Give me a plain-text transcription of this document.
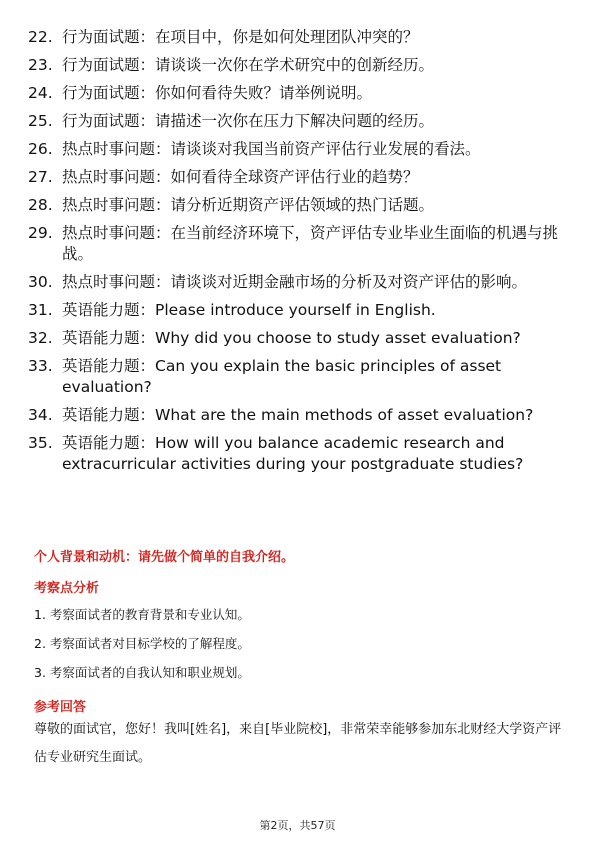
22. 行为面试题：在项目中，你是如何处理团队冲突的？
23. 行为面试题：请谈谈一次你在学术研究中的创新经历。
24. 行为面试题：你如何看待失败？请举例说明。
25. 行为面试题：请描述一次你在压力下解决问题的经历。
26. 热点时事问题：请谈谈对我国当前资产评估行业发展的看法。
27. 热点时事问题：如何看待全球资产评估行业的趋势？
28. 热点时事问题：请分析近期资产评估领域的热门话题。
29. 热点时事问题：在当前经济环境下，资产评估专业毕业生面临的机遇与挑战。
30. 热点时事问题：请谈谈对近期金融市场的分析及对资产评估的影响。
31. 英语能力题：Please introduce yourself in English.
32. 英语能力题：Why did you choose to study asset evaluation?
33. 英语能力题：Can you explain the basic principles of asset evaluation?
34. 英语能力题：What are the main methods of asset evaluation?
35. 英语能力题：How will you balance academic research and extracurricular activities during your postgraduate studies?
个人背景和动机：请先做个简单的自我介绍。
考察点分析
1. 考察面试者的教育背景和专业认知。
2. 考察面试者对目标学校的了解程度。
3. 考察面试者的自我认知和职业规划。
参考回答
尊敬的面试官，您好！我叫[姓名]，来自[毕业院校]，非常荣幸能够参加东北财经大学资产评估专业研究生面试。
第2页，共57页
